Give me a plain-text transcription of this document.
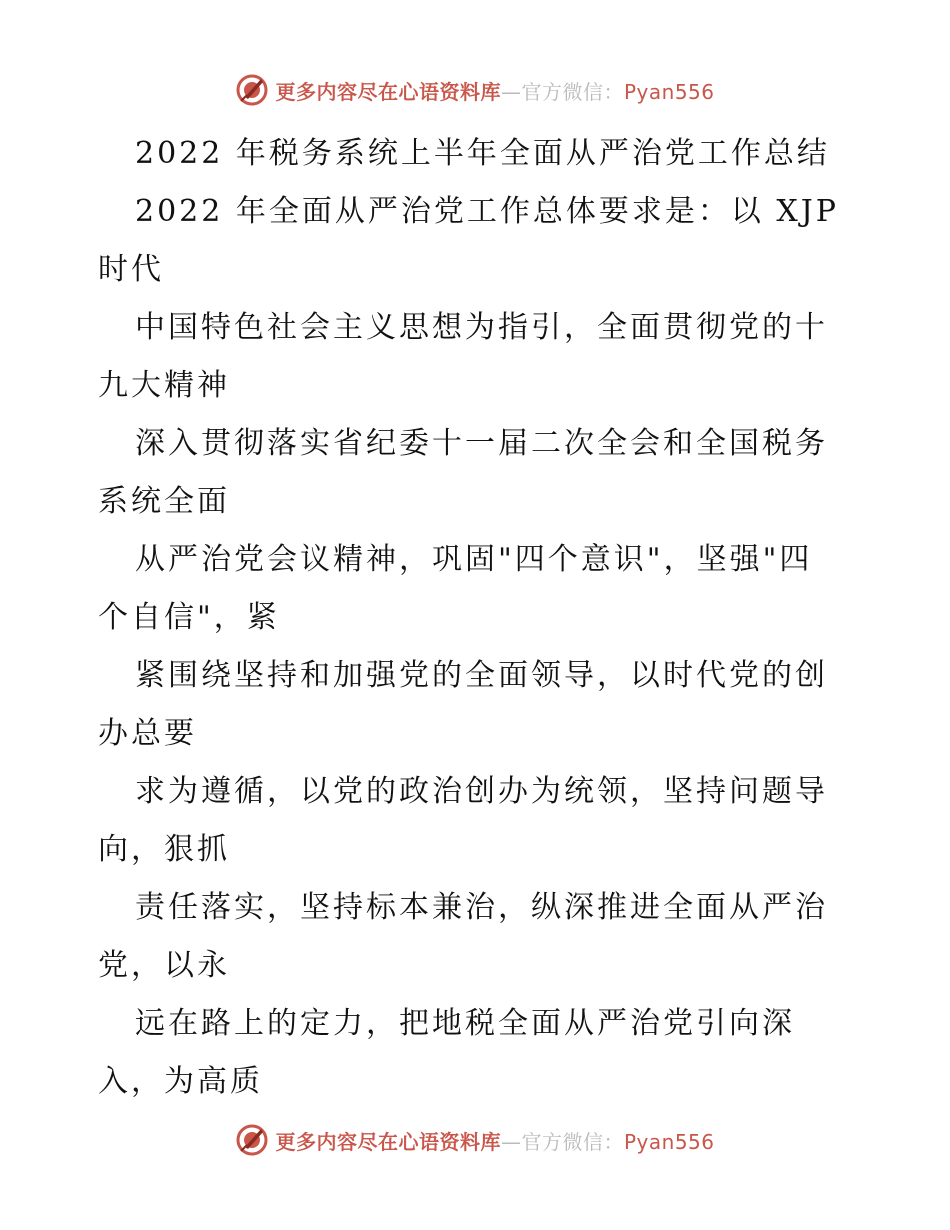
更多内容尽在心语资料库—官方微信：Pyan556

2022 年税务系统上半年全面从严治党工作总结

2022 年全面从严治党工作总体要求是：以 XJP

时代

中国特色社会主义思想为指引，全面贯彻党的十

九大精神

深入贯彻落实省纪委十一届二次全会和全国税务

系统全面

从严治党会议精神，巩固"四个意识"，坚强"四

个自信"，紧

紧围绕坚持和加强党的全面领导，以时代党的创

办总要

求为遵循，以党的政治创办为统领，坚持问题导

向，狠抓

责任落实，坚持标本兼治，纵深推进全面从严治

党，以永

远在路上的定力，把地税全面从严治党引向深

入，为高质

更多内容尽在心语资料库—官方微信：Pyan556
